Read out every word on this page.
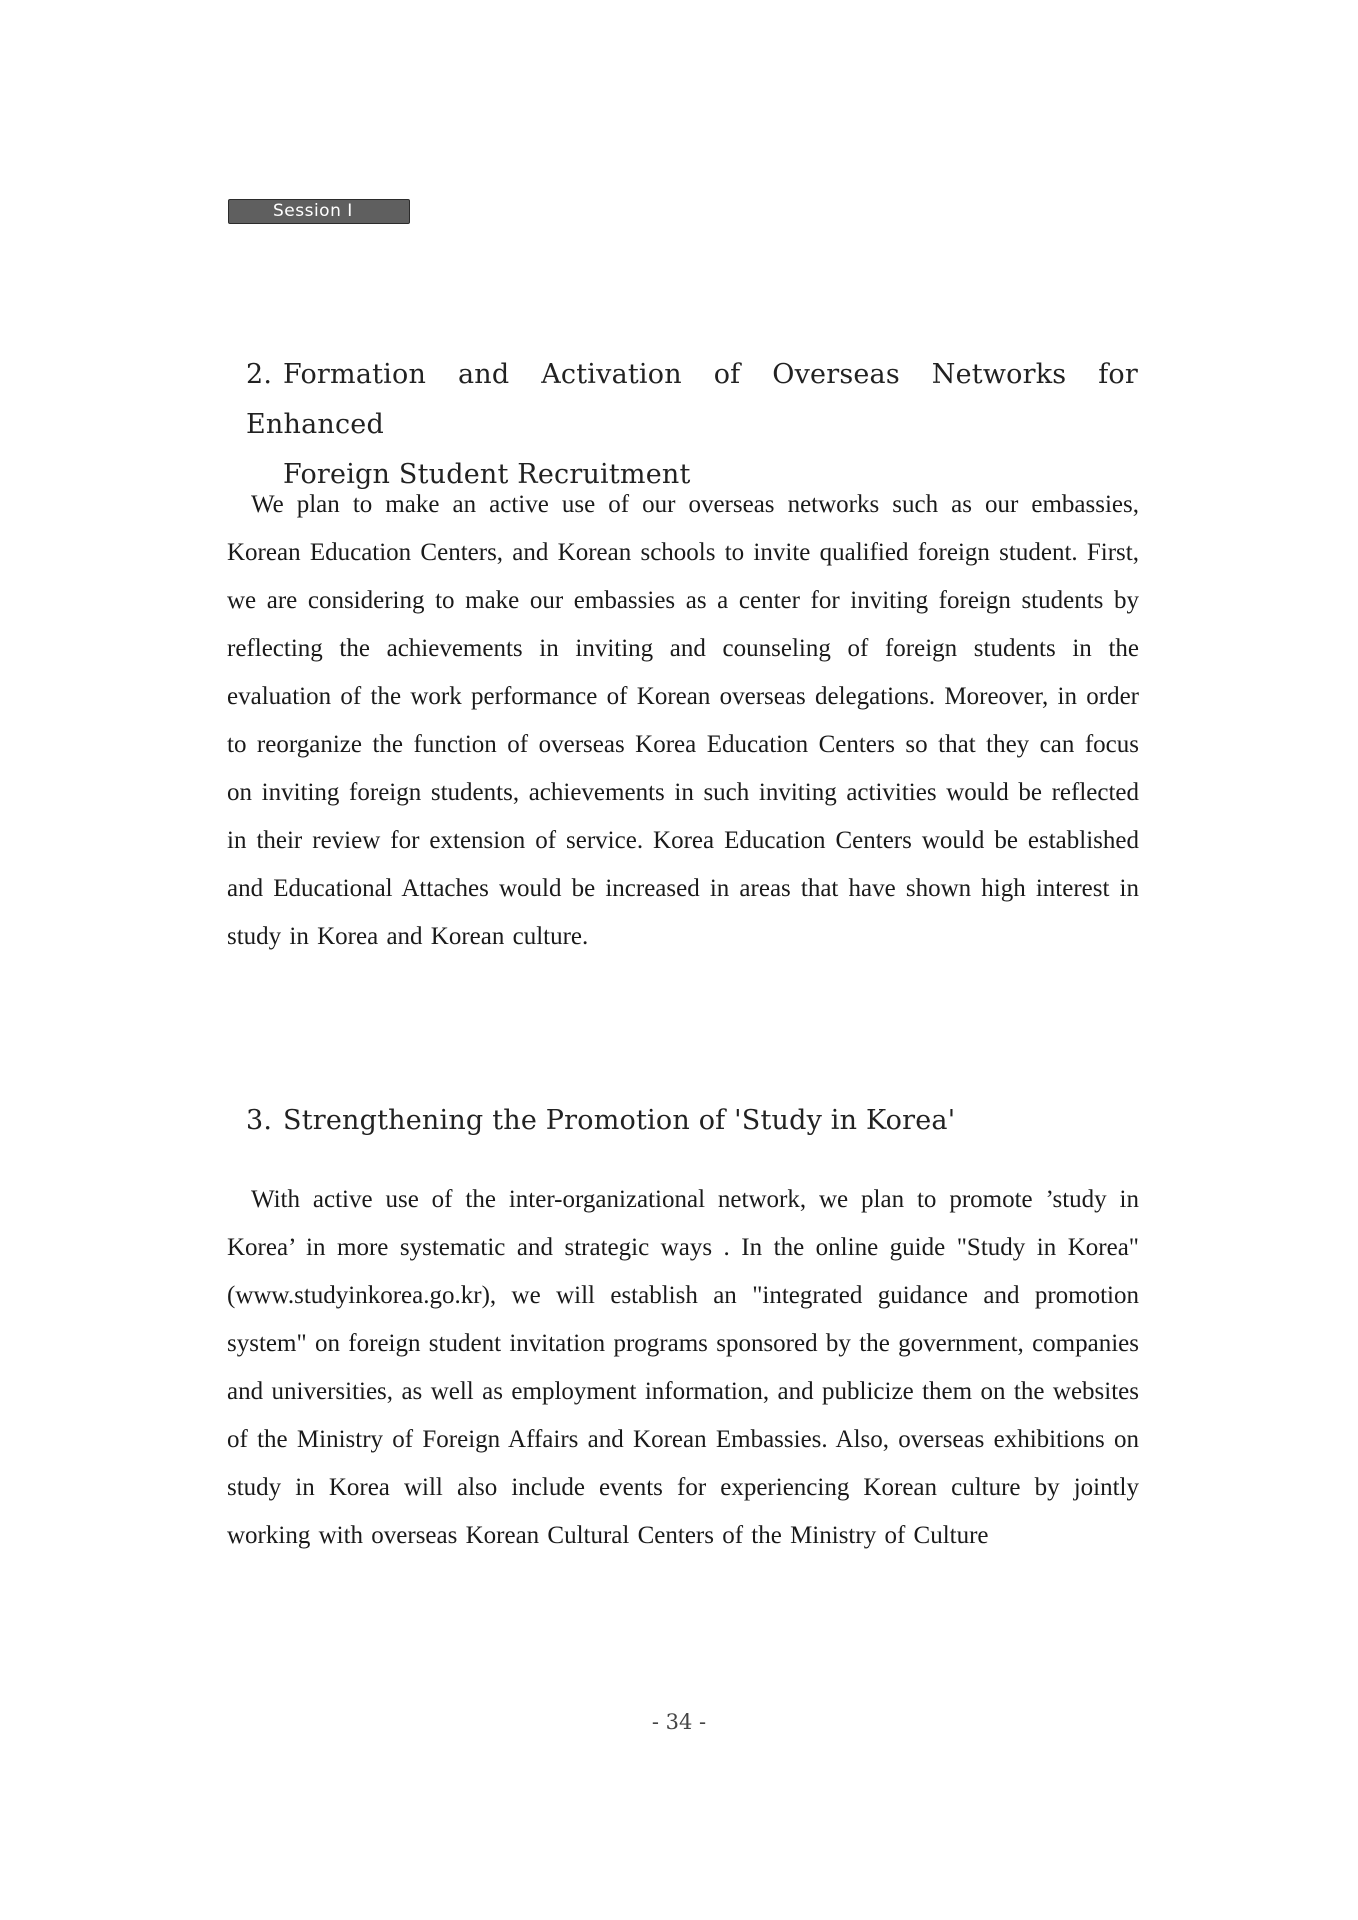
Session Ⅰ
2. Formation and Activation of Overseas Networks for Enhanced
Foreign Student Recruitment

We plan to make an active use of our overseas networks such as our embassies, Korean Education Centers, and Korean schools to invite qualified foreign student. First, we are considering to make our embassies as a center for inviting foreign students by reflecting the achievements in inviting and counseling of foreign students in the evaluation of the work performance of Korean overseas delegations. Moreover, in order to reorganize the function of overseas Korea Education Centers so that they can focus on inviting foreign students, achievements in such inviting activities would be reflected in their review for extension of service. Korea Education Centers would be established and Educational Attaches would be increased in areas that have shown high interest in study in Korea and Korean culture.

3. Strengthening the Promotion of 'Study in Korea'

With active use of the inter-organizational network, we plan to promote ’study in Korea’ in more systematic and strategic ways . In the online guide "Study in Korea" (www.studyinkorea.go.kr), we will establish an "integrated guidance and promotion system" on foreign student invitation programs sponsored by the government, companies and universities, as well as employment information, and publicize them on the websites of the Ministry of Foreign Affairs and Korean Embassies. Also, overseas exhibitions on study in Korea will also include events for experiencing Korean culture by jointly working with overseas Korean Cultural Centers of the Ministry of Culture

- 34 -
